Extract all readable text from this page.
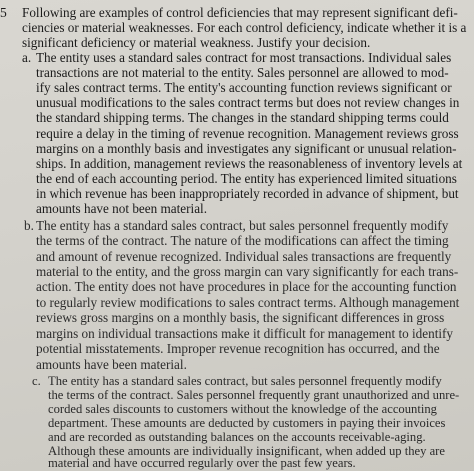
5 Following are examples of control deficiencies that may represent significant defi-
ciencies or material weaknesses. For each control deficiency, indicate whether it is a
significant deficiency or material weakness. Justify your decision.
a. The entity uses a standard sales contract for most transactions. Individual sales
transactions are not material to the entity. Sales personnel are allowed to mod-
ify sales contract terms. The entity's accounting function reviews significant or
unusual modifications to the sales contract terms but does not review changes in
the standard shipping terms. The changes in the standard shipping terms could
require a delay in the timing of revenue recognition. Management reviews gross
margins on a monthly basis and investigates any significant or unusual relation-
ships. In addition, management reviews the reasonableness of inventory levels at
the end of each accounting period. The entity has experienced limited situations
in which revenue has been inappropriately recorded in advance of shipment, but
amounts have not been material.
b. The entity has a standard sales contract, but sales personnel frequently modify
the terms of the contract. The nature of the modifications can affect the timing
and amount of revenue recognized. Individual sales transactions are frequently
material to the entity, and the gross margin can vary significantly for each trans-
action. The entity does not have procedures in place for the accounting function
to regularly review modifications to sales contract terms. Although management
reviews gross margins on a monthly basis, the significant differences in gross
margins on individual transactions make it difficult for management to identify
potential misstatements. Improper revenue recognition has occurred, and the
amounts have been material.
c. The entity has a standard sales contract, but sales personnel frequently modify
the terms of the contract. Sales personnel frequently grant unauthorized and unre-
corded sales discounts to customers without the knowledge of the accounting
department. These amounts are deducted by customers in paying their invoices
and are recorded as outstanding balances on the accounts receivable-aging.
Although these amounts are individually insignificant, when added up they are
material and have occurred regularly over the past few years.
